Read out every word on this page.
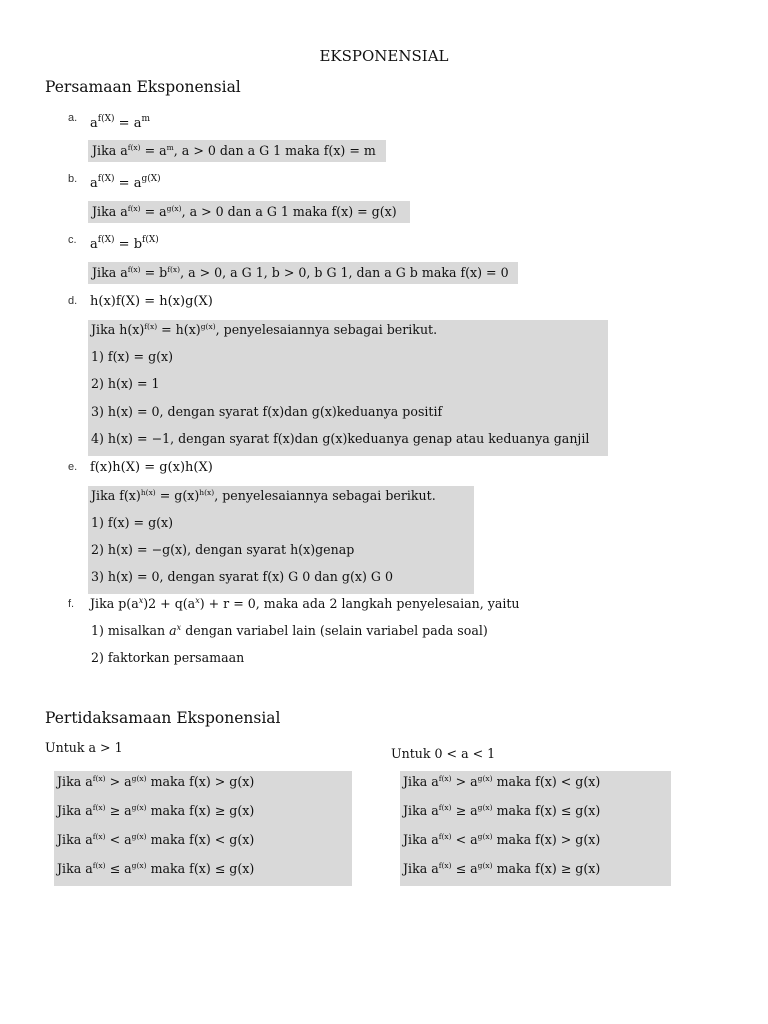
EKSPONENSIAL
Persamaan Eksponensial
a. $a^{f(X)} = a^m$
Jika $a^{f(x)} = a^m$, a > 0 dan a G 1 maka f(x) = m
b. $a^{f(X)} = a^{g(X)}$
Jika $a^{f(x)} = a^{g(x)}$, a > 0 dan a G 1 maka f(x) = g(x)
c. $a^{f(X)} = b^{f(X)}$
Jika $a^{f(x)} = b^{f(x)}$, a > 0, a G 1, b > 0, b G 1, dan a G b maka f(x) = 0
d. h(x)f(X) = h(x)g(X)
Jika $h(x)^{f(x)} = h(x)^{g(x)}$, penyelesaiannya sebagai berikut.
1) f(x) = g(x)
2) h(x) = 1
3) h(x) = 0, dengan syarat f(x)dan g(x)keduanya positif
4) h(x) = −1, dengan syarat f(x)dan g(x)keduanya genap atau keduanya ganjil
e. f(x)h(X) = g(x)h(X)
Jika $f(x)^{h(x)} = g(x)^{h(x)}$, penyelesaiannya sebagai berikut.
1) f(x) = g(x)
2) h(x) = −g(x), dengan syarat h(x)genap
3) h(x) = 0, dengan syarat f(x) G 0 dan g(x) G 0
f. Jika $p(a^x)2 + q(a^x) + r = 0$, maka ada 2 langkah penyelesaian, yaitu
1) misalkan $a^x$ dengan variabel lain (selain variabel pada soal)
2) faktorkan persamaan
Pertidaksamaan Eksponensial
Untuk a > 1	Untuk 0 < a < 1
Jika $a^{f(x)} > a^{g(x)}$ maka f(x) > g(x)
Jika $a^{f(x)} \ge a^{g(x)}$ maka f(x) ≥ g(x)
Jika $a^{f(x)} < a^{g(x)}$ maka f(x) < g(x)
Jika $a^{f(x)} \le a^{g(x)}$ maka f(x) ≤ g(x)
Jika $a^{f(x)} > a^{g(x)}$ maka f(x) < g(x)
Jika $a^{f(x)} \ge a^{g(x)}$ maka f(x) ≤ g(x)
Jika $a^{f(x)} < a^{g(x)}$ maka f(x) > g(x)
Jika $a^{f(x)} \le a^{g(x)}$ maka f(x) ≥ g(x)
